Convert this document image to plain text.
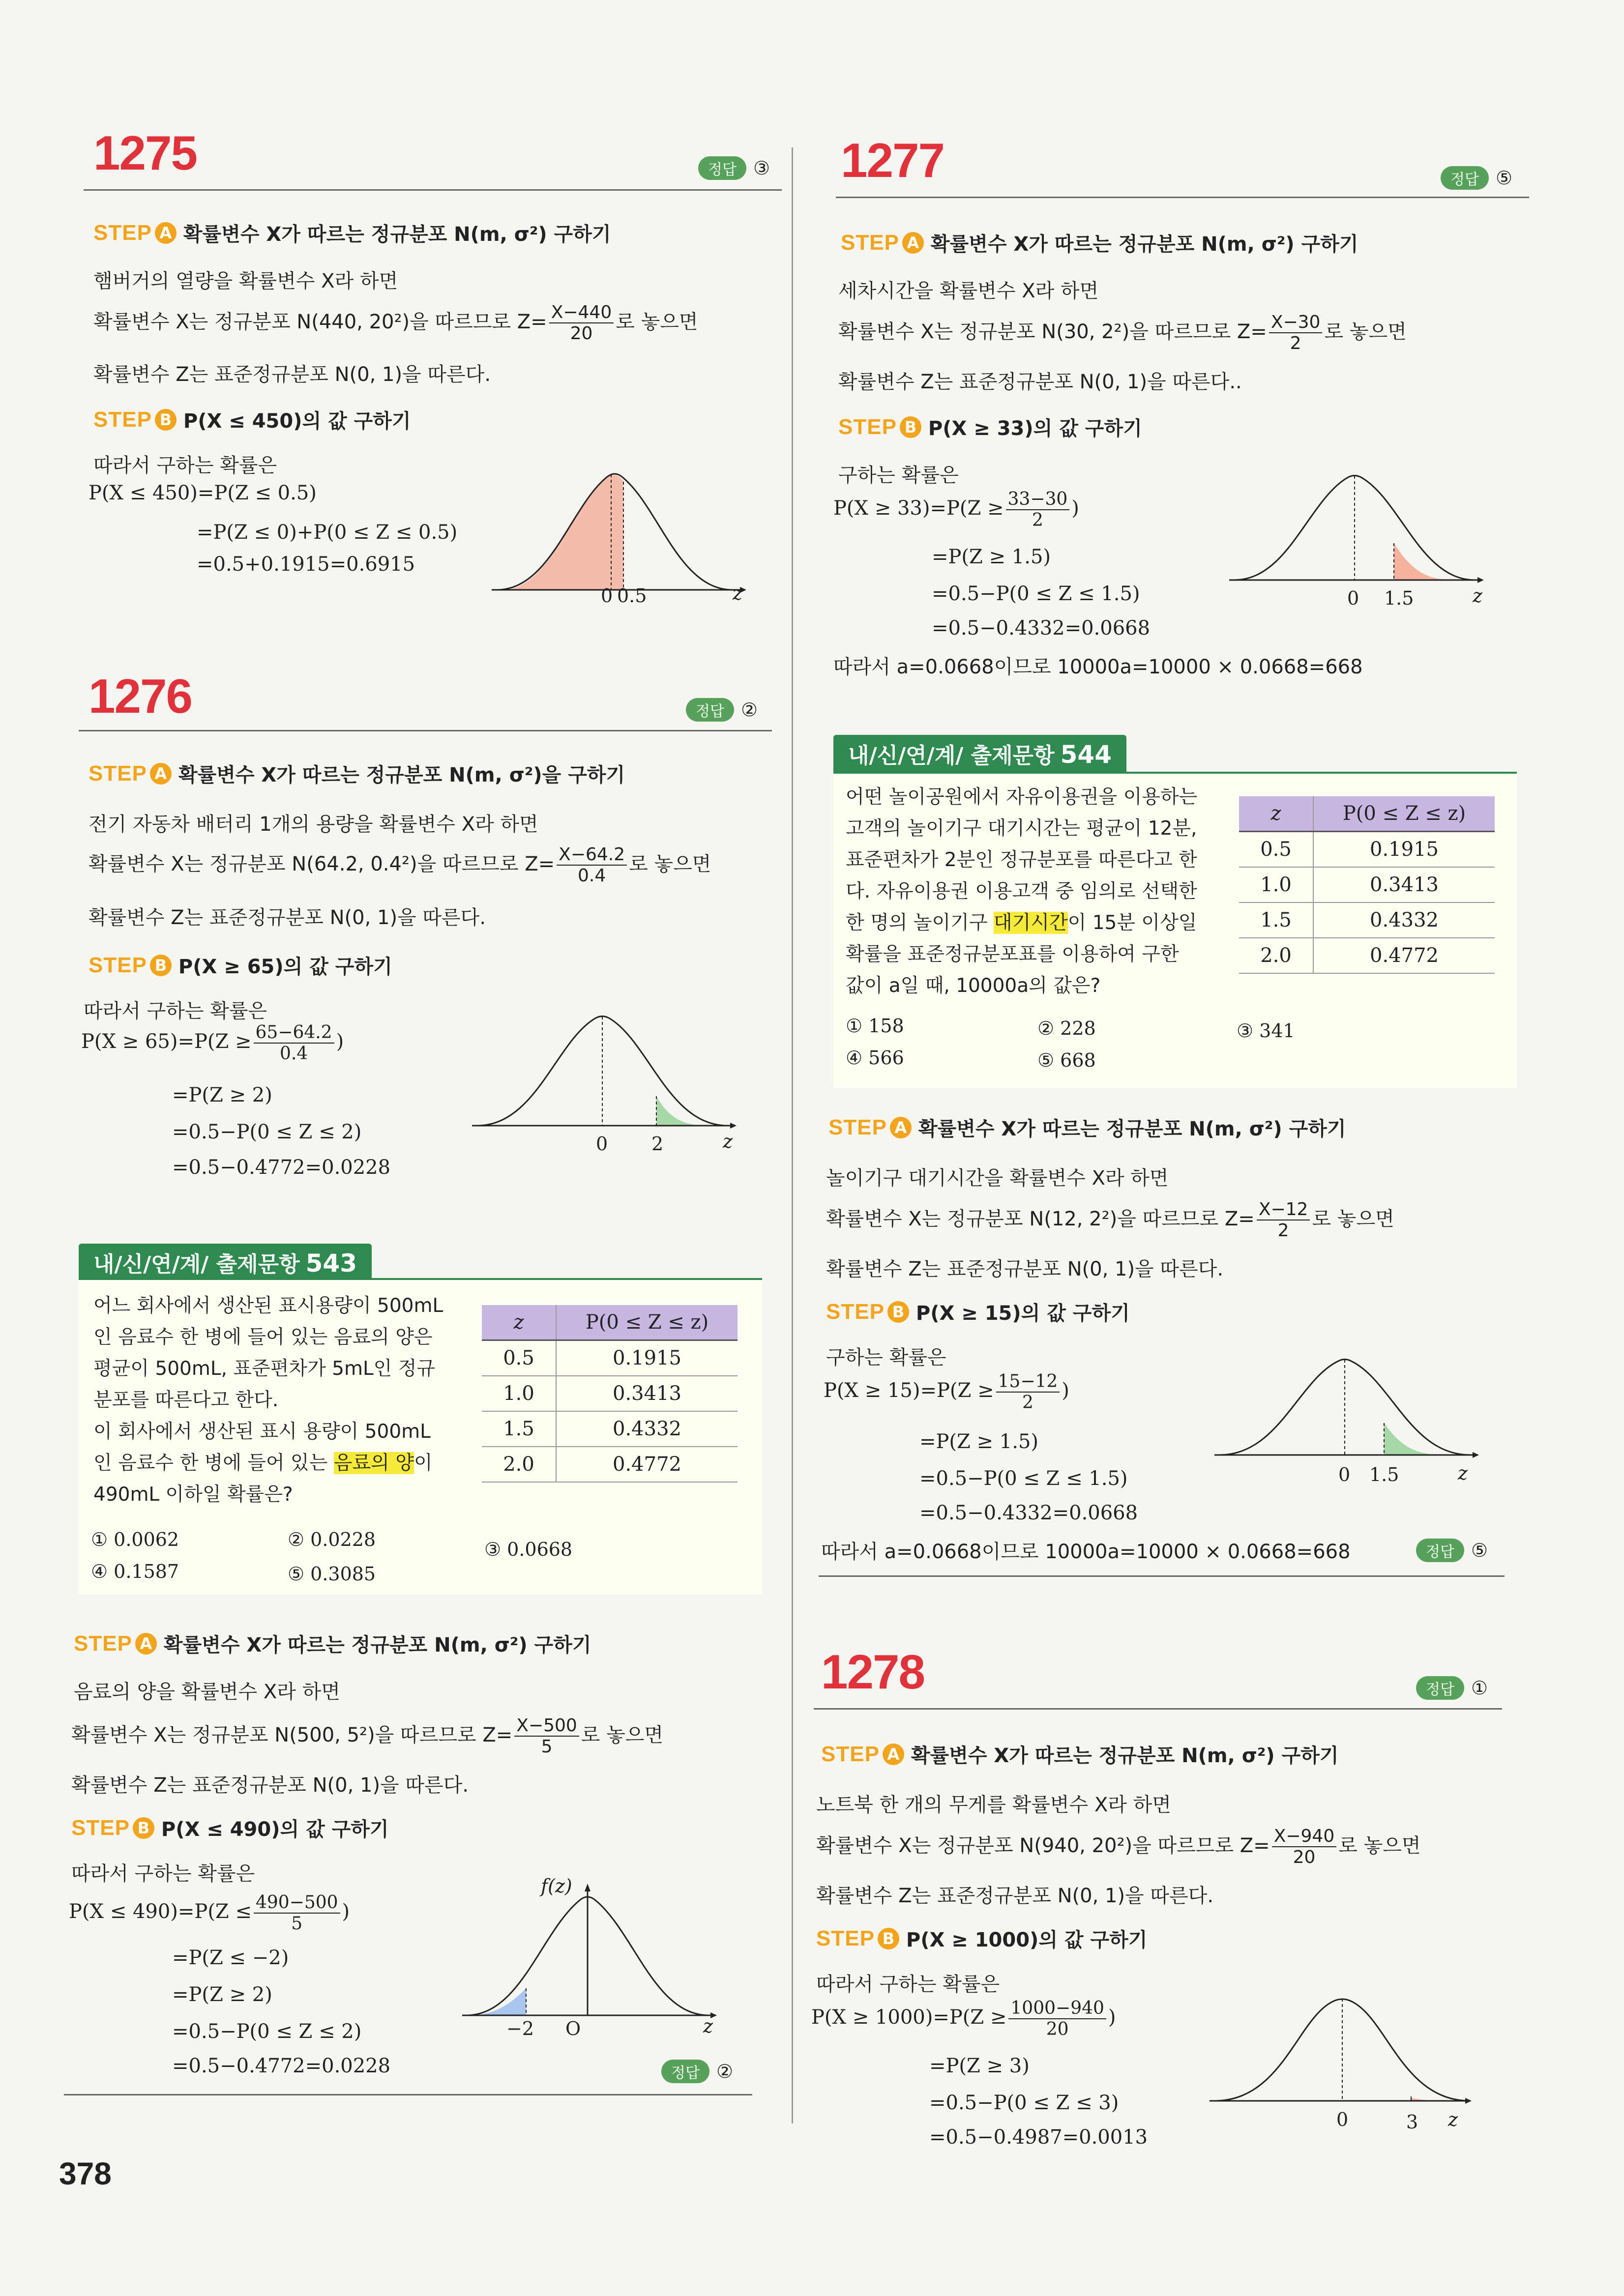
1275	정답 ③
STEP A 확률변수 X가 따르는 정규분포 N(m, σ²) 구하기
햄버거의 열량을 확률변수 X라 하면
확률변수 X는 정규분포 N(440, 20²)을 따르므로 $Z= \frac{X-440}{20}$ 로 놓으면
확률변수 Z는 표준정규분포 N(0, 1)을 따른다.
STEP B P(X ≤ 450)의 값 구하기
따라서 구하는 확률은
P(X ≤ 450)=P(Z ≤ 0.5)
=P(Z ≤ 0)+P(0 ≤ Z ≤ 0.5)
=0.5+0.1915=0.6915
0 0.5	z
1276	정답 ②
STEP A 확률변수 X가 따르는 정규분포 N(m, σ²)을 구하기
전기 자동차 배터리 1개의 용량을 확률변수 X라 하면
확률변수 X는 정규분포 N(64.2, 0.4²)을 따르므로 $Z= \frac{X-64.2}{0.4}$ 로 놓으면
확률변수 Z는 표준정규분포 N(0, 1)을 따른다.
STEP B P(X ≥ 65)의 값 구하기
따라서 구하는 확률은
$P(X \ge 65)=P(Z \ge \frac{65-64.2}{0.4}$ )
=P(Z ≥ 2)
=0.5−P(0 ≤ Z ≤ 2)
=0.5−0.4772=0.0228
0 2	z
내/신/연/계/ 출제문항 543
어느 회사에서 생산된 표시용량이 500mL
인 음료수 한 병에 들어 있는 음료의 양은
평균이 500mL, 표준편차가 5mL인 정규
분포를 따른다고 한다.
이 회사에서 생산된 표시 용량이 500mL
인 음료수 한 병에 들어 있는 음료의 양이
490mL 이하일 확률은?
z	P(0 ≤ Z ≤ z)
0.5	0.1915
1.0	0.3413
1.5	0.4332
2.0	0.4772
① 0.0062	② 0.0228	③ 0.0668
④ 0.1587	⑤ 0.3085
STEP A 확률변수 X가 따르는 정규분포 N(m, σ²) 구하기
음료의 양을 확률변수 X라 하면
확률변수 X는 정규분포 N(500, 5²)을 따르므로 $Z= \frac{X-500}{5}$ 로 놓으면
확률변수 Z는 표준정규분포 N(0, 1)을 따른다.
STEP B P(X ≤ 490)의 값 구하기
따라서 구하는 확률은
$P(X \le 490)=P(Z \le \frac{490-500}{5}$ )
=P(Z ≤ −2)
=P(Z ≥ 2)
=0.5−P(0 ≤ Z ≤ 2)
=0.5−0.4772=0.0228
f(z)
−2 O	z
정답 ②
378
1277	정답 ⑤
STEP A 확률변수 X가 따르는 정규분포 N(m, σ²) 구하기
세차시간을 확률변수 X라 하면
확률변수 X는 정규분포 N(30, 2²)을 따르므로 $Z= \frac{X-30}{2}$ 로 놓으면
확률변수 Z는 표준정규분포 N(0, 1)을 따른다..
STEP B P(X ≥ 33)의 값 구하기
구하는 확률은
$P(X \ge 33)=P(Z \ge \frac{33-30}{2}$ )
=P(Z ≥ 1.5)
=0.5−P(0 ≤ Z ≤ 1.5)
=0.5−0.4332=0.0668
따라서 a=0.0668이므로 10000a=10000 × 0.0668=668
0 1.5	z
내/신/연/계/ 출제문항 544
어떤 놀이공원에서 자유이용권을 이용하는
고객의 놀이기구 대기시간는 평균이 12분,
표준편차가 2분인 정규분포를 따른다고 한
다. 자유이용권 이용고객 중 임의로 선택한
한 명의 놀이기구 대기시간이 15분 이상일
확률을 표준정규분포표를 이용하여 구한
값이 a일 때, 10000a의 값은?
z	P(0 ≤ Z ≤ z)
0.5	0.1915
1.0	0.3413
1.5	0.4332
2.0	0.4772
① 158	② 228	③ 341
④ 566	⑤ 668
STEP A 확률변수 X가 따르는 정규분포 N(m, σ²) 구하기
놀이기구 대기시간을 확률변수 X라 하면
확률변수 X는 정규분포 N(12, 2²)을 따르므로 $Z= \frac{X-12}{2}$ 로 놓으면
확률변수 Z는 표준정규분포 N(0, 1)을 따른다.
STEP B P(X ≥ 15)의 값 구하기
구하는 확률은
$P(X \ge 15)=P(Z \ge \frac{15-12}{2}$ )
=P(Z ≥ 1.5)
=0.5−P(0 ≤ Z ≤ 1.5)
=0.5−0.4332=0.0668
따라서 a=0.0668이므로 10000a=10000 × 0.0668=668
0 1.5	z
정답 ⑤
1278	정답 ①
STEP A 확률변수 X가 따르는 정규분포 N(m, σ²) 구하기
노트북 한 개의 무게를 확률변수 X라 하면
확률변수 X는 정규분포 N(940, 20²)을 따르므로 $Z= \frac{X-940}{20}$ 로 놓으면
확률변수 Z는 표준정규분포 N(0, 1)을 따른다.
STEP B P(X ≥ 1000)의 값 구하기
따라서 구하는 확률은
$P(X \ge 1000)=P(Z \ge \frac{1000-940}{20}$ )
=P(Z ≥ 3)
=0.5−P(0 ≤ Z ≤ 3)
=0.5−0.4987=0.0013
0	3 z
